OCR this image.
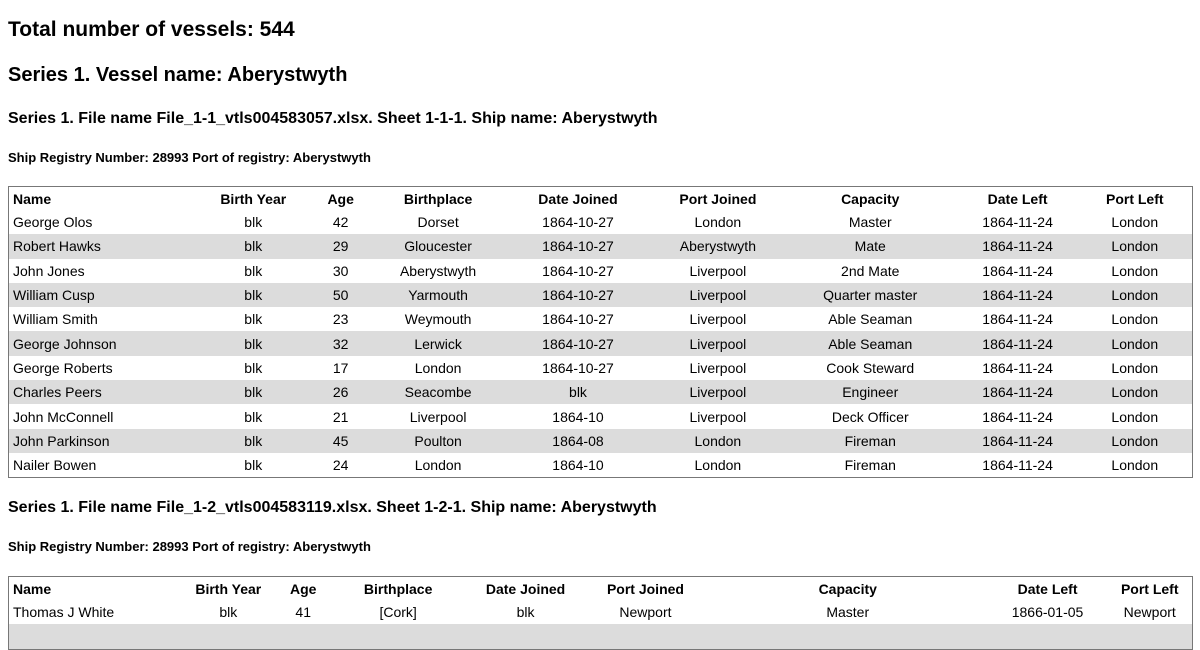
Total number of vessels: 544
Series 1. Vessel name: Aberystwyth
Series 1. File name File_1-1_vtls004583057.xlsx. Sheet 1-1-1. Ship name: Aberystwyth
Ship Registry Number: 28993 Port of registry: Aberystwyth
Name	Birth Year	Age	Birthplace	Date Joined	Port Joined	Capacity	Date Left	Port Left
George Olos	blk	42	Dorset	1864-10-27	London	Master	1864-11-24	London
Robert Hawks	blk	29	Gloucester	1864-10-27	Aberystwyth	Mate	1864-11-24	London
John Jones	blk	30	Aberystwyth	1864-10-27	Liverpool	2nd Mate	1864-11-24	London
William Cusp	blk	50	Yarmouth	1864-10-27	Liverpool	Quarter master	1864-11-24	London
William Smith	blk	23	Weymouth	1864-10-27	Liverpool	Able Seaman	1864-11-24	London
George Johnson	blk	32	Lerwick	1864-10-27	Liverpool	Able Seaman	1864-11-24	London
George Roberts	blk	17	London	1864-10-27	Liverpool	Cook Steward	1864-11-24	London
Charles Peers	blk	26	Seacombe	blk	Liverpool	Engineer	1864-11-24	London
John McConnell	blk	21	Liverpool	1864-10	Liverpool	Deck Officer	1864-11-24	London
John Parkinson	blk	45	Poulton	1864-08	London	Fireman	1864-11-24	London
Nailer Bowen	blk	24	London	1864-10	London	Fireman	1864-11-24	London
Series 1. File name File_1-2_vtls004583119.xlsx. Sheet 1-2-1. Ship name: Aberystwyth
Ship Registry Number: 28993 Port of registry: Aberystwyth
Name	Birth Year	Age	Birthplace	Date Joined	Port Joined	Capacity	Date Left	Port Left
Thomas J White	blk	41	[Cork]	blk	Newport	Master	1866-01-05	Newport
